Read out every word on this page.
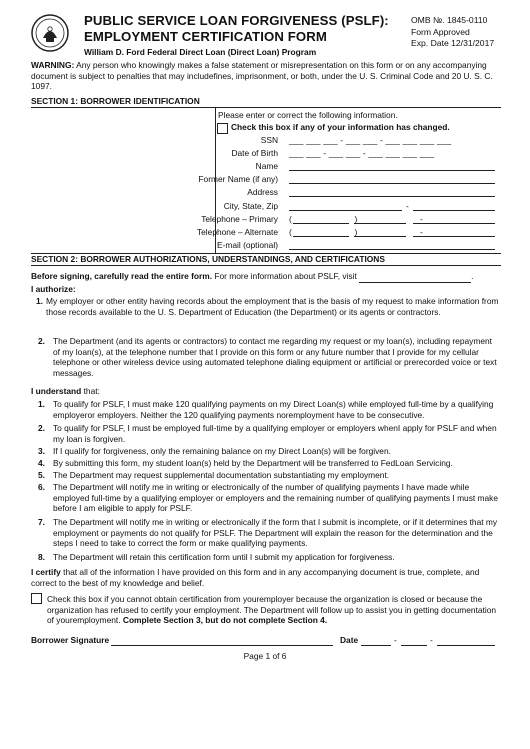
PUBLIC SERVICE LOAN FORGIVENESS (PSLF):
EMPLOYMENT CERTIFICATION FORM
William D. Ford Federal Direct Loan (Direct Loan) Program
OMB №. 1845-0110
Form Approved
Exp. Date 12/31/2017
WARNING: Any person who knowingly makes a false statement or misrepresentation on this form or on any accompanying document is subject to penalties that may includefines, imprisonment, or both, under the U. S. Criminal Code and 20 U. S. C. 1097.
SECTION 1: BORROWER IDENTIFICATION
Please enter or correct the following information.
Check this box if any of your information has changed.
SSN ___ ___ ___ - ___ ___ - ___ ___ ___ ___
Date of Birth ___ ___ - ___ ___ - ___ ___ ___ ___
Name
Former Name (if any)
Address
City, State, Zip	-
Telephone – Primary ( ) -
Telephone – Alternate ( ) -
E-mail (optional)
SECTION 2: BORROWER AUTHORIZATIONS, UNDERSTANDINGS, AND CERTIFICATIONS
Before signing, carefully read the entire form. For more information about PSLF, visit	.
I authorize:
1. My employer or other entity having records about the employment that is the basis of my request to make information from those records available to the U. S. Department of Education (the Department) or its agents or contractors.
2. The Department (and its agents or contractors) to contact me regarding my request or my loan(s), including repayment of my loan(s), at the telephone number that I provide on this form or any future number that I provide for my cellular telephone or other wireless device using automated telephone dialing equipment or artificial or prerecorded voice or text messages.
I understand that:
1. To qualify for PSLF, I must make 120 qualifying payments on my Direct Loan(s) while employed full-time by a qualifying employeror employers. Neither the 120 qualifying payments noremployment have to be consecutive.
2. To qualify for PSLF, I must be employed full-time by a qualifying employer or employers whenI apply for PSLF and when my loan is forgiven.
3. If I qualify for forgiveness, only the remaining balance on my Direct Loan(s) will be forgiven.
4. By submitting this form, my student loan(s) held by the Department will be transferred to FedLoan Servicing.
5. The Department may request supplemental documentation substantiating my employment.
6. The Department will notify me in writing or electronically of the number of qualifying payments I have made while employed full-time by a qualifying employer or employers and the remaining number of qualifying payments I must make before I am eligible to apply for PSLF.
7. The Department will notify me in writing or electronically if the form that I submit is incomplete, or if it determines that my employment or payments do not qualify for PSLF. The Department will explain the reason for the determination and the steps I need to take to correct the form or make qualifying payments.
8. The Department will retain this certification form until I submit my application for forgiveness.
I certify that all of the information I have provided on this form and in any accompanying document is true, complete, and correct to the best of my knowledge and belief.
Check this box if you cannot obtain certification from youremployer because the organization is closed or because the organization has refused to certify your employment. The Department will follow up to assist you in getting documentation of youremployment. Complete Section 3, but do not complete Section 4.
Borrower Signature	Date	-	-
Page 1 of 6
